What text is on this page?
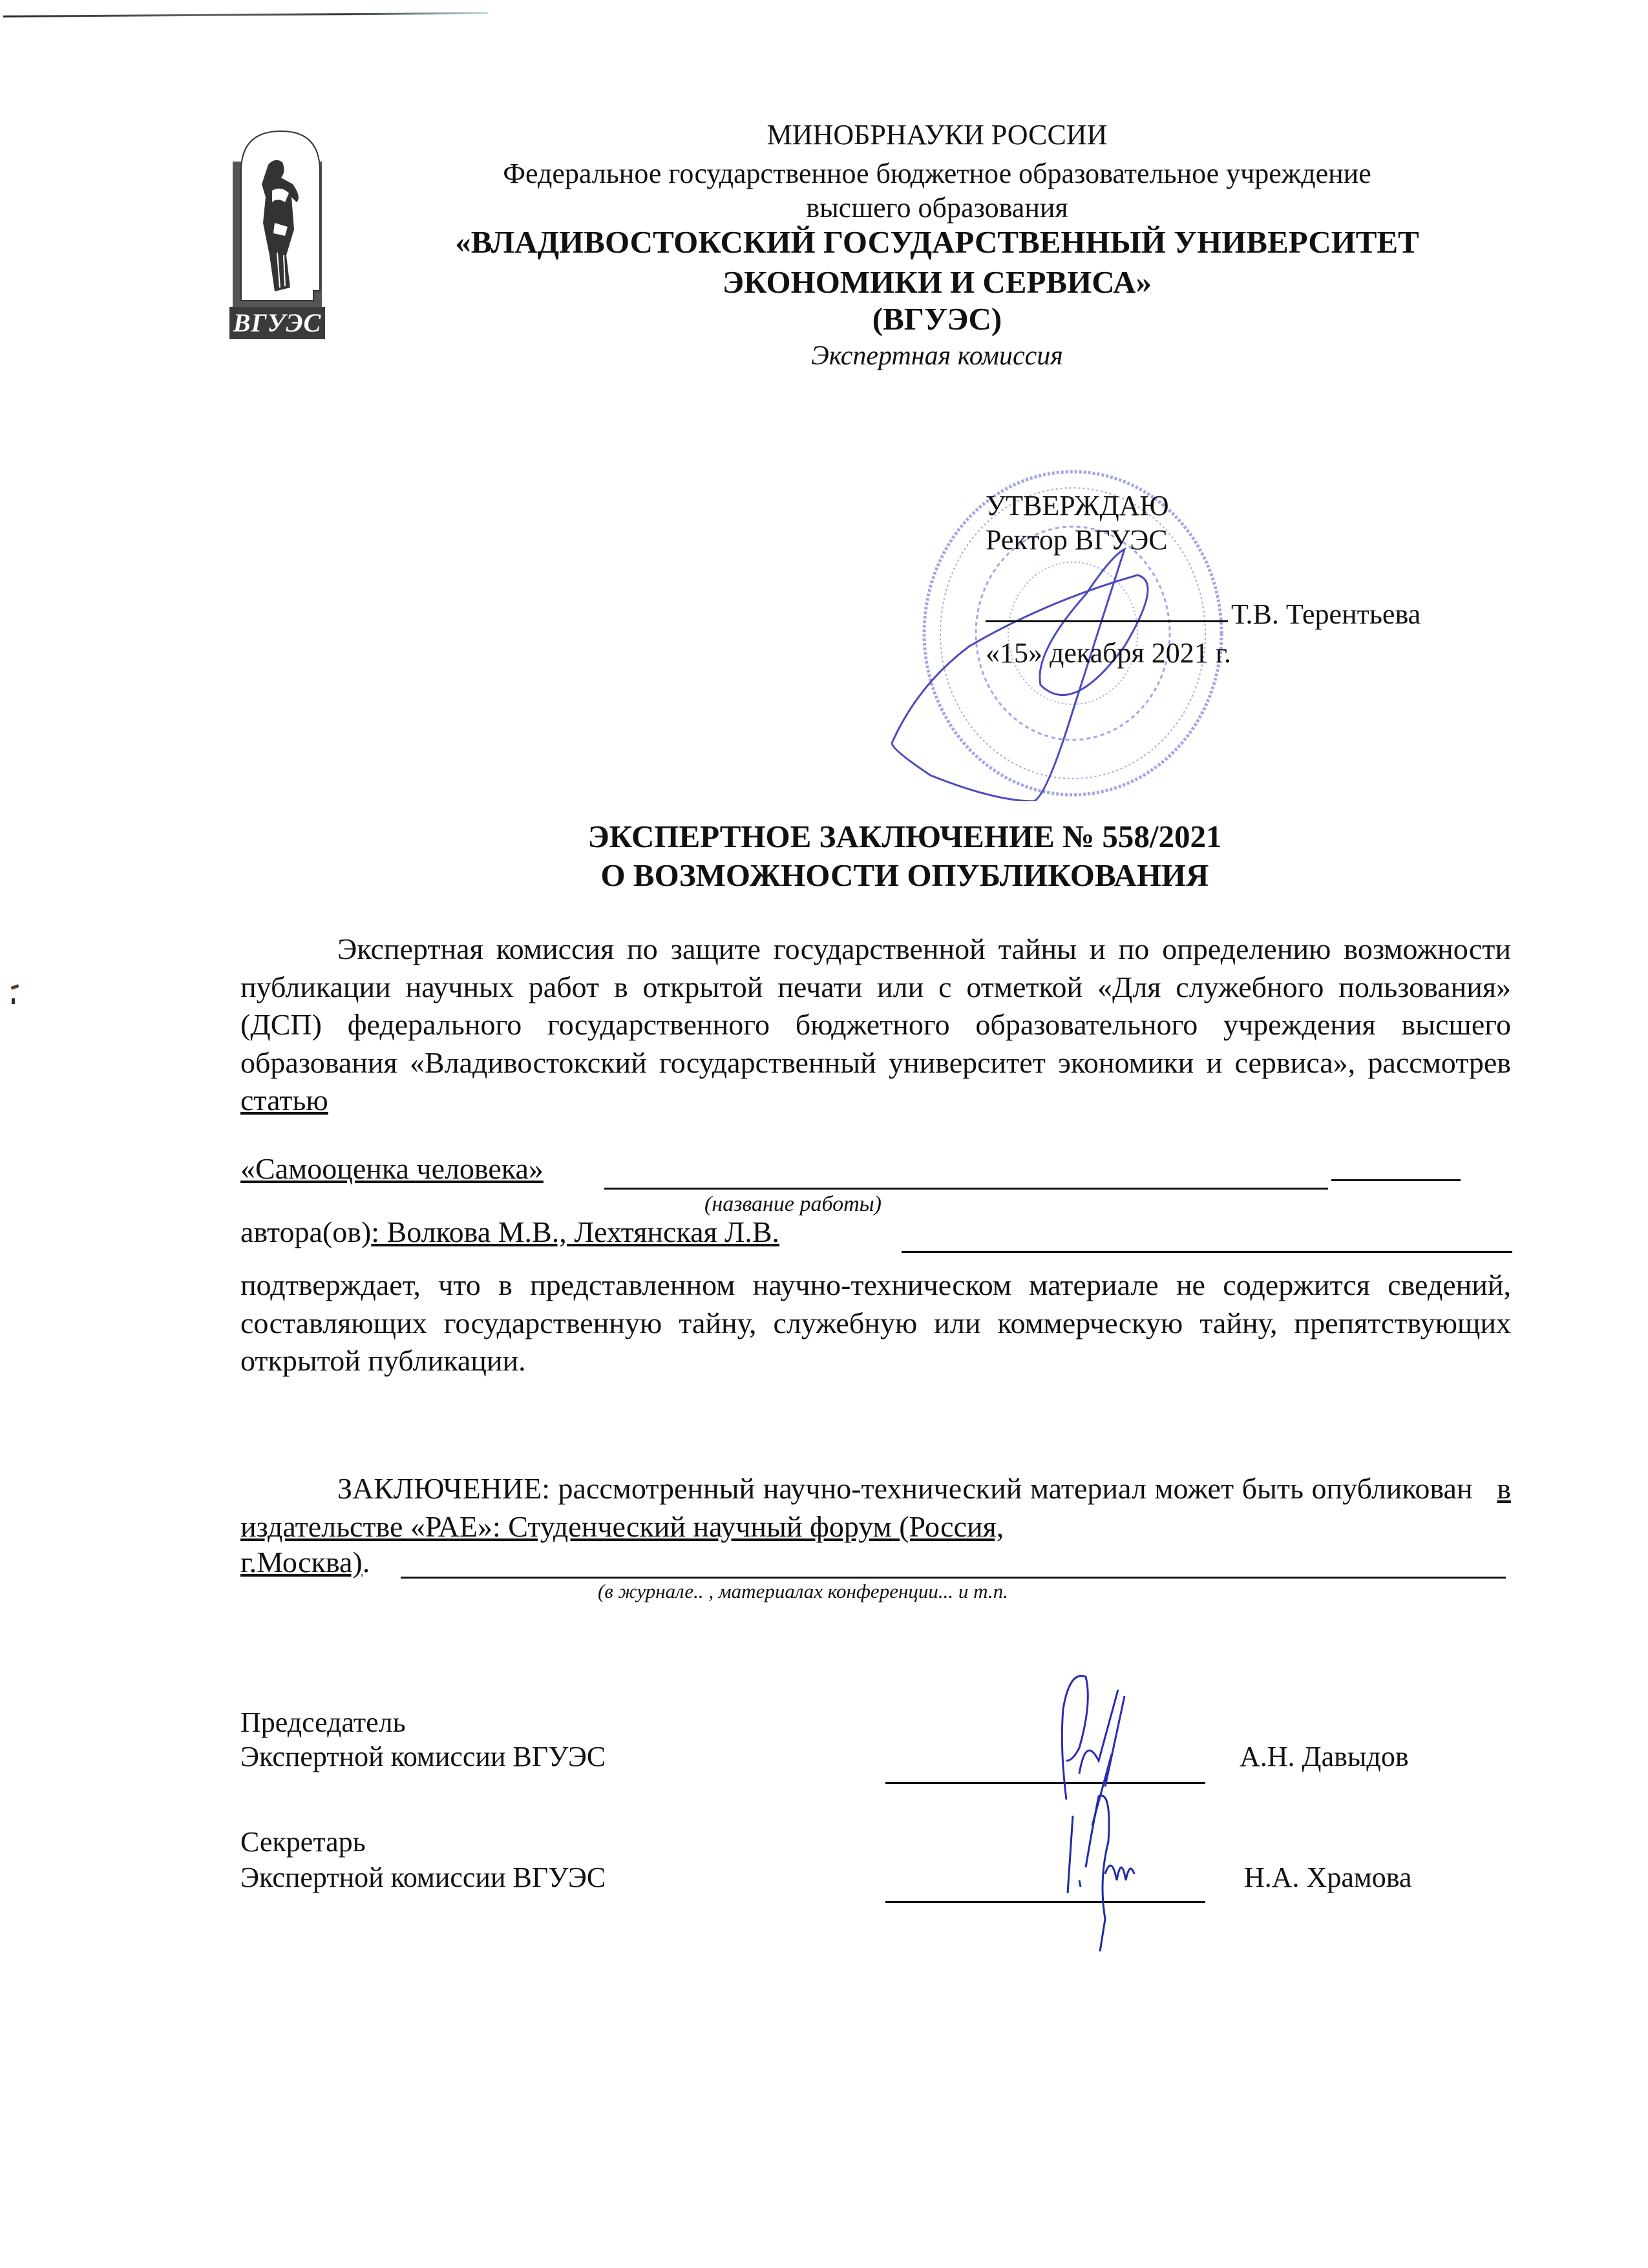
ВГУЭС
МИНОБРНАУКИ РОССИИ
Федеральное государственное бюджетное образовательное учреждение
высшего образования
«ВЛАДИВОСТОКСКИЙ ГОСУДАРСТВЕННЫЙ УНИВЕРСИТЕТ
ЭКОНОМИКИ И СЕРВИСА»
(ВГУЭС)
Экспертная комиссия
УТВЕРЖДАЮ
Ректор ВГУЭС
Т.В. Терентьева
«15» декабря 2021 г.
ЭКСПЕРТНОЕ ЗАКЛЮЧЕНИЕ № 558/2021
О ВОЗМОЖНОСТИ ОПУБЛИКОВАНИЯ
Экспертная комиссия по защите государственной тайны и по определению возможности публикации научных работ в открытой печати или с отметкой «Для служебного пользования» (ДСП) федерального государственного бюджетного образовательного учреждения высшего образования «Владивостокский государственный университет экономики и сервиса», рассмотрев статью
«Самооценка человека»
(название работы)
автора(ов): Волкова М.В., Лехтянская Л.В.
подтверждает, что в представленном научно-техническом материале не содержится сведений, составляющих государственную тайну, служебную или коммерческую тайну, препятствующих открытой публикации.
ЗАКЛЮЧЕНИЕ: рассмотренный научно-технический материал может быть опубликован в издательстве «РАЕ»: Студенческий научный форум (Россия,
г.Москва).
(в журнале.. , материалах конференции... и т.п.
Председатель
Экспертной комиссии ВГУЭС	А.Н. Давыдов
Секретарь
Экспертной комиссии ВГУЭС	Н.А. Храмова
